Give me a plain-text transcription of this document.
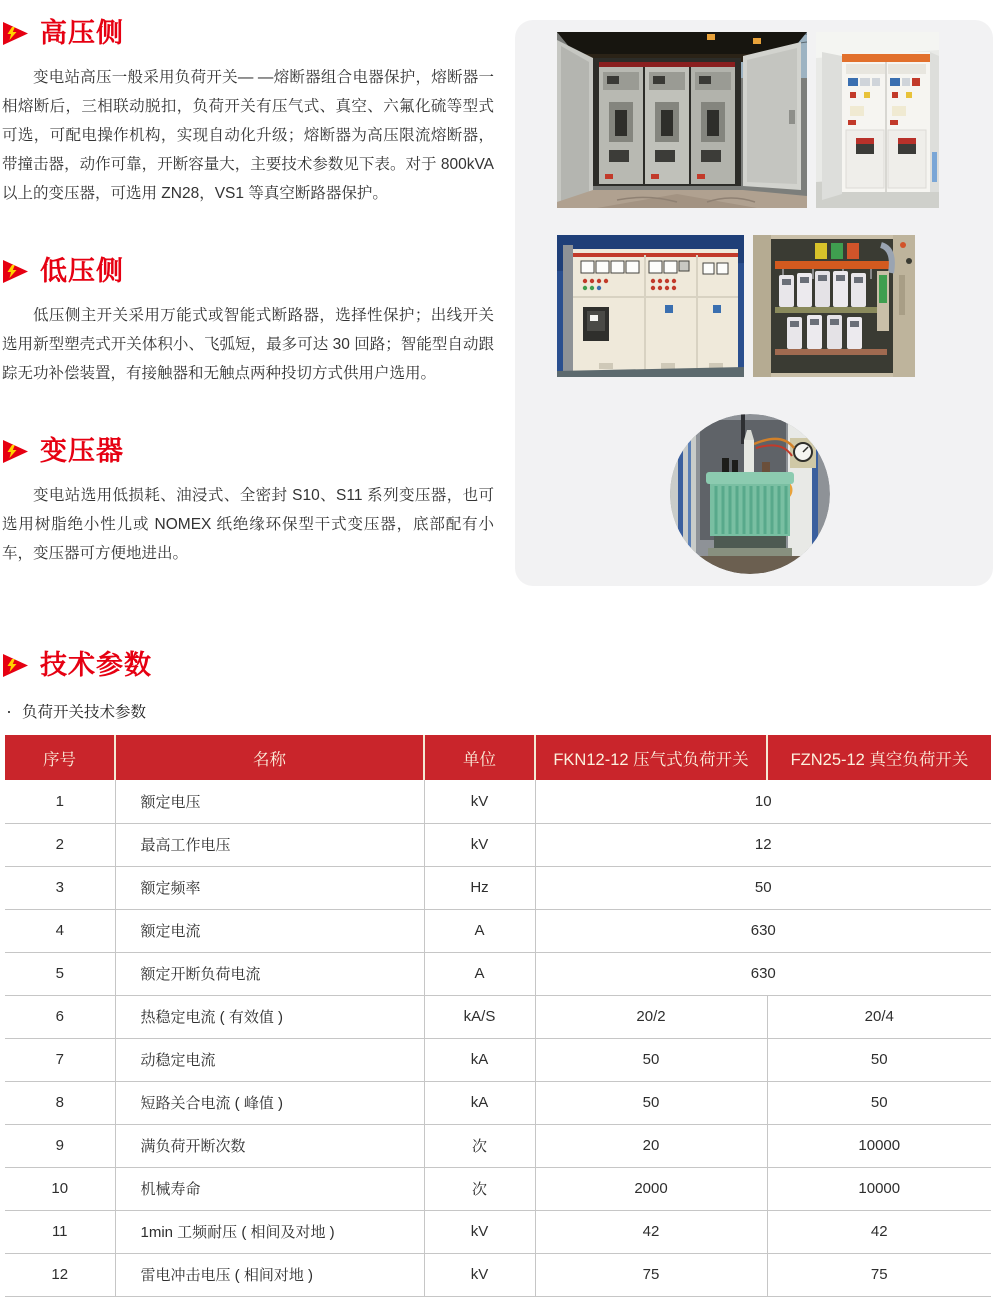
高压侧

变电站高压一般采用负荷开关— —熔断器组合电器保护，熔断器一相熔断后，三相联动脱扣，负荷开关有压气式、真空、六氟化硫等型式可选，可配电操作机构，实现自动化升级；熔断器为高压限流熔断器，带撞击器，动作可靠，开断容量大，主要技术参数见下表。对于 800kVA 以上的变压器，可选用 ZN28，VS1 等真空断路器保护。

低压侧

低压侧主开关采用万能式或智能式断路器，选择性保护；出线开关选用新型塑壳式开关体积小、飞弧短，最多可达 30 回路；智能型自动跟踪无功补偿装置，有接触器和无触点两种投切方式供用户选用。

变压器

变电站选用低损耗、油浸式、全密封 S10、S11 系列变压器，也可选用树脂绝小性儿或 NOMEX 纸绝缘环保型干式变压器，底部配有小车，变压器可方便地进出。

技术参数
· 负荷开关技术参数
序号	名称	单位	FKN12-12 压气式负荷开关	FZN25-12 真空负荷开关
1	额定电压	kV	10	
2	最高工作电压	kV	12	
3	额定频率	Hz	50	
4	额定电流	A	630	
5	额定开断负荷电流	A	630	
6	热稳定电流 ( 有效值 )	kA/S	20/2	20/4
7	动稳定电流	kA	50	50
8	短路关合电流 ( 峰值 )	kA	50	50
9	满负荷开断次数	次	20	10000
10	机械寿命	次	2000	10000
11	1min 工频耐压 ( 相间及对地 )	kV	42	42
12	雷电冲击电压 ( 相间对地 )	kV	75	75
